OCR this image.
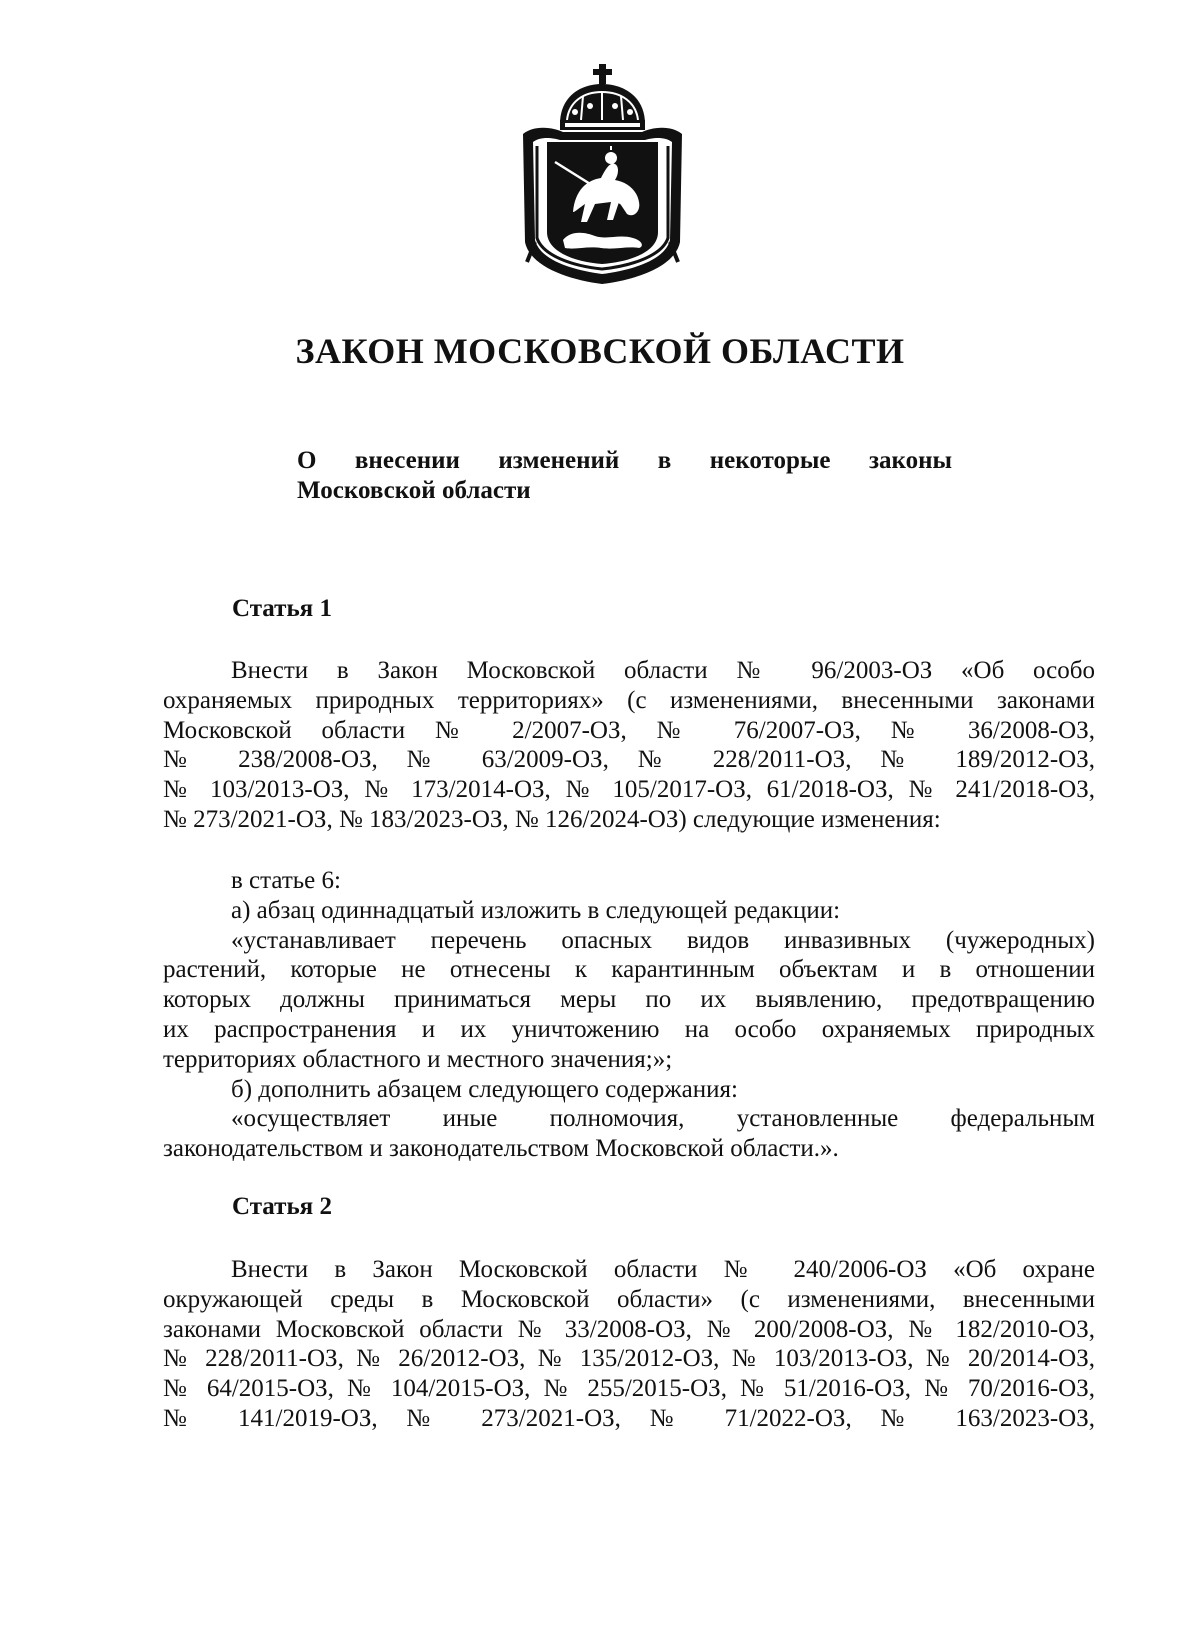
ЗАКОН МОСКОВСКОЙ ОБЛАСТИ

О внесении изменений в некоторые законы
Московской области

Статья 1
Внести в Закон Московской области № 96/2003-ОЗ «Об особо
охраняемых природных территориях» (с изменениями, внесенными законами
Московской области № 2/2007-ОЗ, № 76/2007-ОЗ, № 36/2008-ОЗ,
№ 238/2008-ОЗ, № 63/2009-ОЗ, № 228/2011-ОЗ, № 189/2012-ОЗ,
№ 103/2013-ОЗ, № 173/2014-ОЗ, № 105/2017-ОЗ, 61/2018-ОЗ, № 241/2018-ОЗ,
№ 273/2021-ОЗ, № 183/2023-ОЗ, № 126/2024-ОЗ) следующие изменения:
в статье 6:
а) абзац одиннадцатый изложить в следующей редакции:
«устанавливает перечень опасных видов инвазивных (чужеродных)
растений, которые не отнесены к карантинным объектам и в отношении
которых должны приниматься меры по их выявлению, предотвращению
их распространения и их уничтожению на особо охраняемых природных
территориях областного и местного значения;»;
б) дополнить абзацем следующего содержания:
«осуществляет иные полномочия, установленные федеральным
законодательством и законодательством Московской области.».
Статья 2
Внести в Закон Московской области № 240/2006-ОЗ «Об охране
окружающей среды в Московской области» (с изменениями, внесенными
законами Московской области № 33/2008-ОЗ, № 200/2008-ОЗ, № 182/2010-ОЗ,
№ 228/2011-ОЗ, № 26/2012-ОЗ, № 135/2012-ОЗ, № 103/2013-ОЗ, № 20/2014-ОЗ,
№ 64/2015-ОЗ, № 104/2015-ОЗ, № 255/2015-ОЗ, № 51/2016-ОЗ, № 70/2016-ОЗ,
№ 141/2019-ОЗ, № 273/2021-ОЗ, № 71/2022-ОЗ, № 163/2023-ОЗ,
